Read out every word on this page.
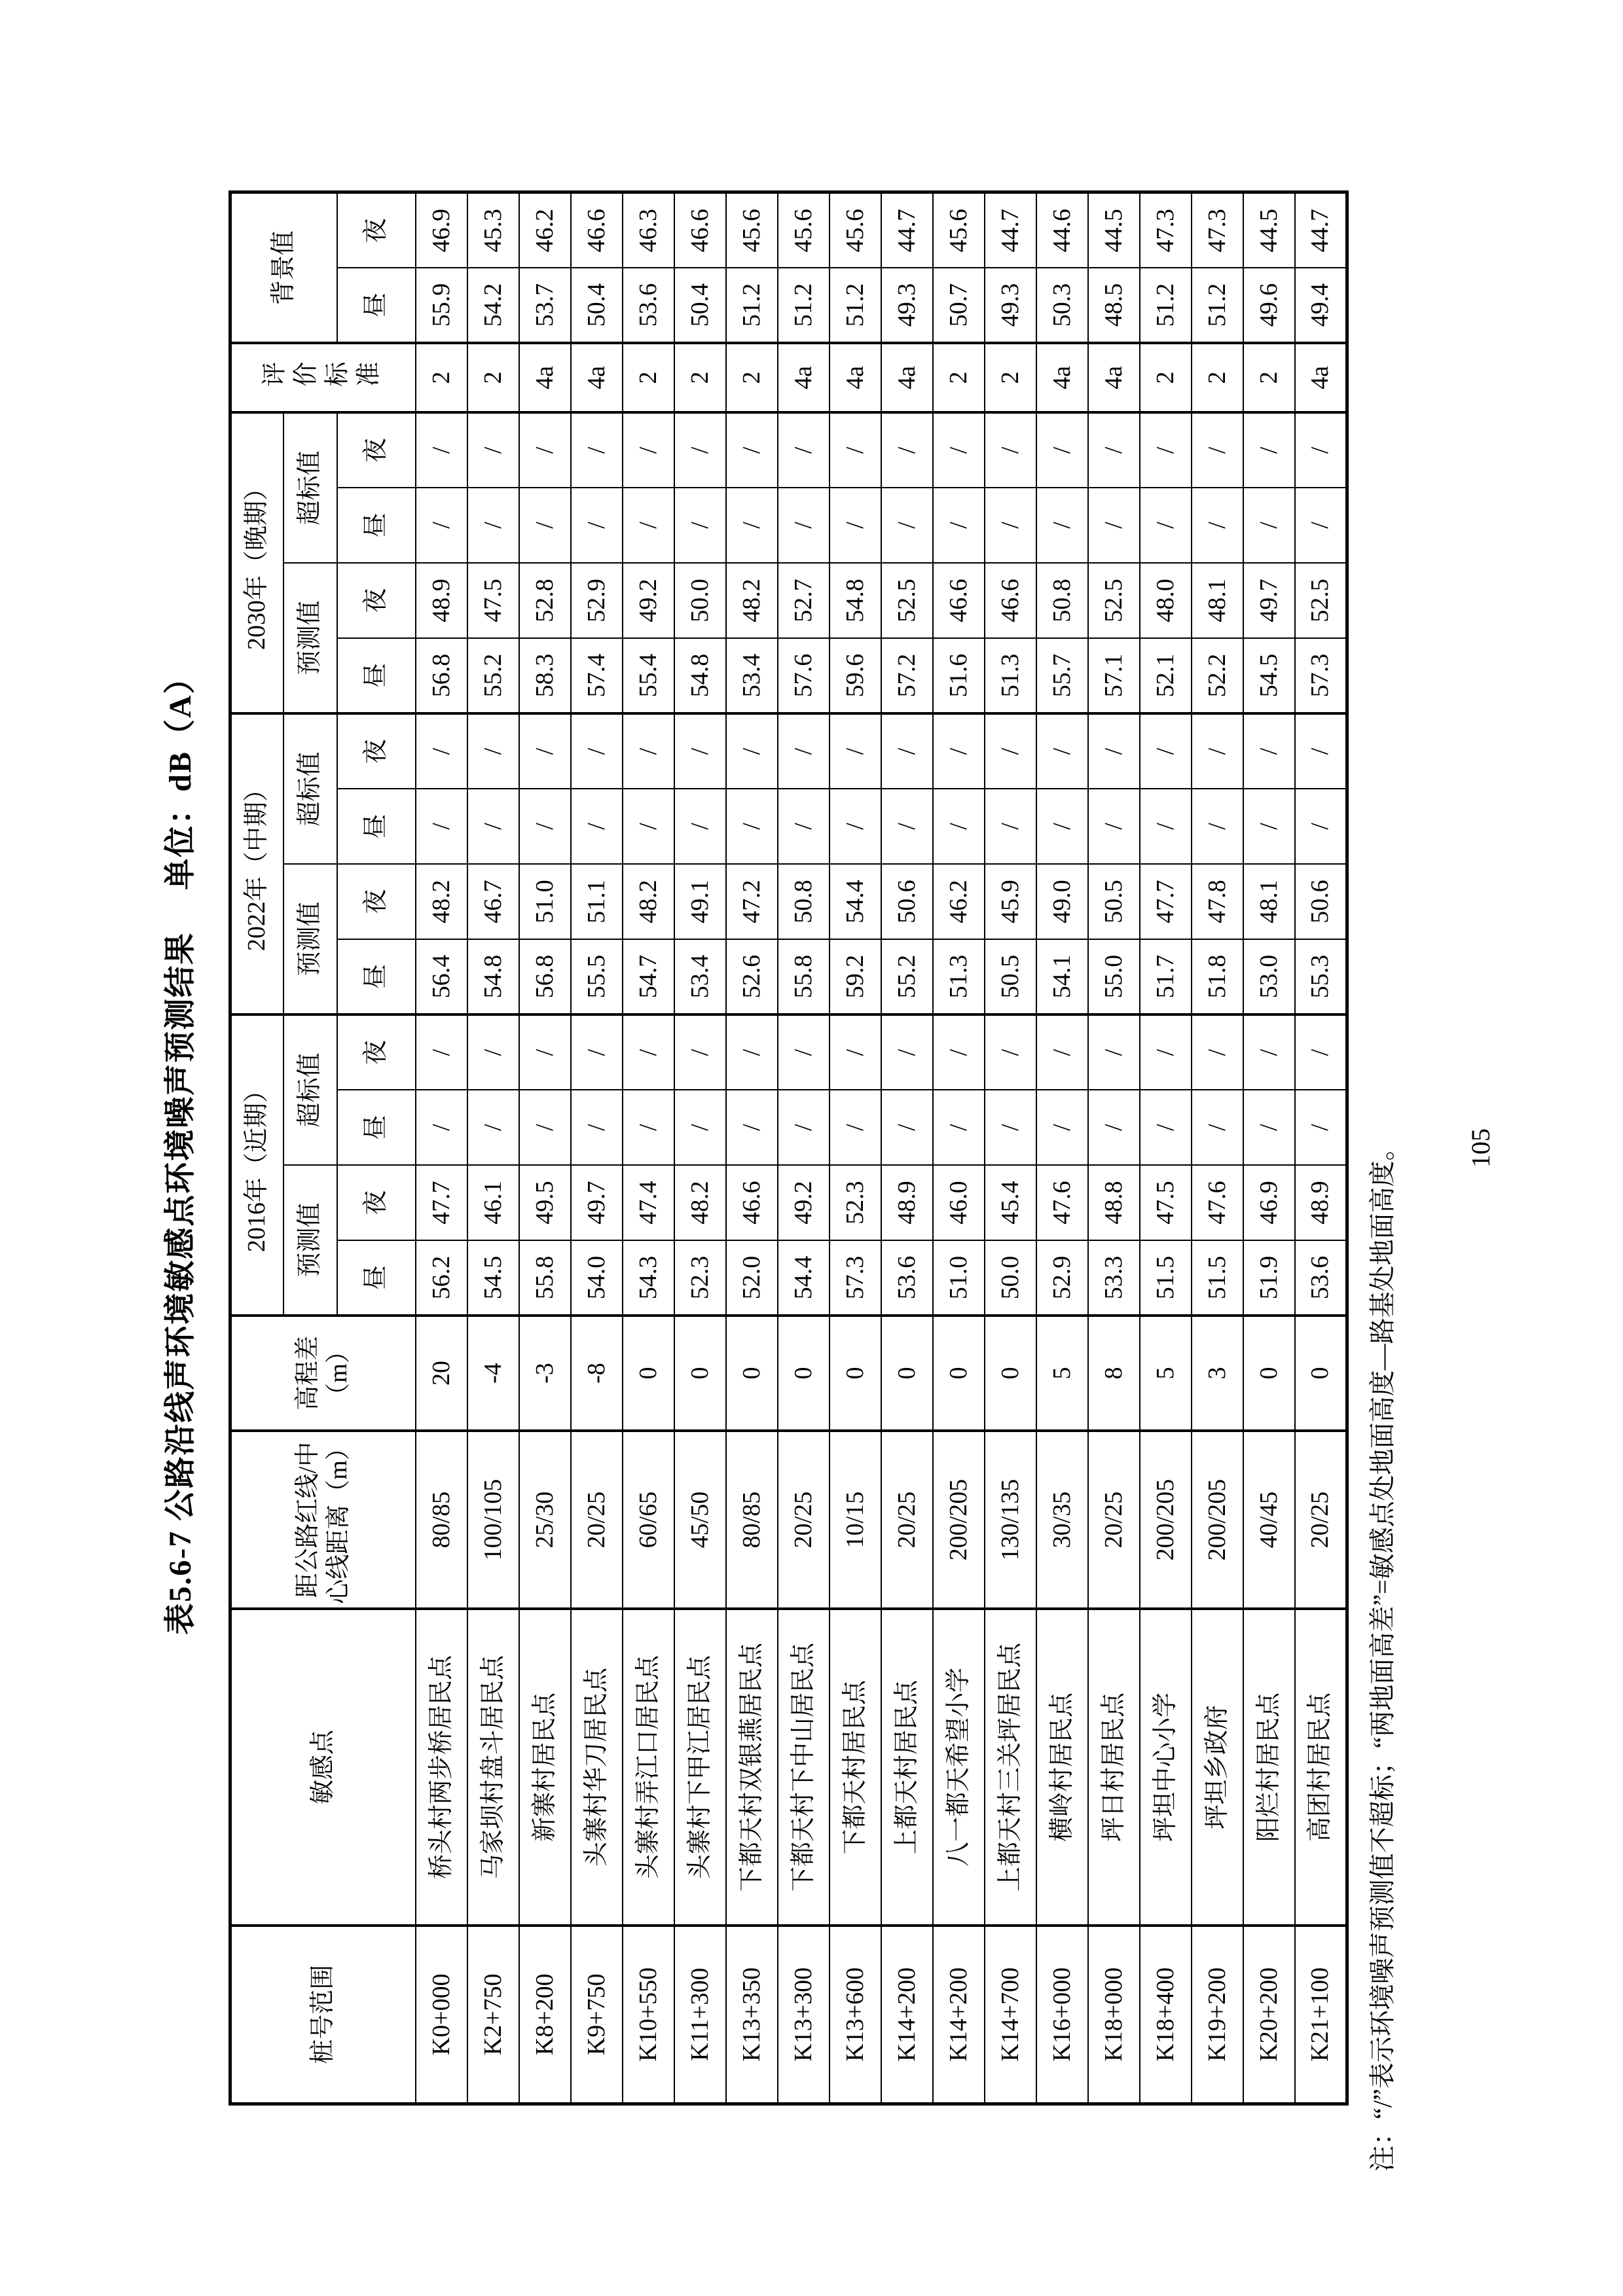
表5.6-7 公路沿线声环境敏感点环境噪声预测结果单位：dB（A）
桩号范围	敏感点	距公路红线/中心线距离（m）	高程差（m）	2016年（近期）				2022年（中期）				2030年（晚期）				评价标准	背景值	
				预测值		超标值		预测值		超标值		预测值		超标值				
				昼	夜	昼	夜	昼	夜	昼	夜	昼	夜	昼	夜		昼	夜
K0+000	桥头村两步桥居民点	80/85	20	56.2	47.7	/	/	56.4	48.2	/	/	56.8	48.9	/	/	2	55.9	46.9
K2+750	马家坝村盘斗居民点	100/105	-4	54.5	46.1	/	/	54.8	46.7	/	/	55.2	47.5	/	/	2	54.2	45.3
K8+200	新寨村居民点	25/30	-3	55.8	49.5	/	/	56.8	51.0	/	/	58.3	52.8	/	/	4a	53.7	46.2
K9+750	头寨村华刀居民点	20/25	-8	54.0	49.7	/	/	55.5	51.1	/	/	57.4	52.9	/	/	4a	50.4	46.6
K10+550	头寨村弄江口居民点	60/65	0	54.3	47.4	/	/	54.7	48.2	/	/	55.4	49.2	/	/	2	53.6	46.3
K11+300	头寨村下甲江居民点	45/50	0	52.3	48.2	/	/	53.4	49.1	/	/	54.8	50.0	/	/	2	50.4	46.6
K13+350	下都天村双银燕居民点	80/85	0	52.0	46.6	/	/	52.6	47.2	/	/	53.4	48.2	/	/	2	51.2	45.6
K13+300	下都天村下中山居民点	20/25	0	54.4	49.2	/	/	55.8	50.8	/	/	57.6	52.7	/	/	4a	51.2	45.6
K13+600	下都天村居民点	10/15	0	57.3	52.3	/	/	59.2	54.4	/	/	59.6	54.8	/	/	4a	51.2	45.6
K14+200	上都天村居民点	20/25	0	53.6	48.9	/	/	55.2	50.6	/	/	57.2	52.5	/	/	4a	49.3	44.7
K14+200	八一都天希望小学	200/205	0	51.0	46.0	/	/	51.3	46.2	/	/	51.6	46.6	/	/	2	50.7	45.6
K14+700	上都天村三关坪居民点	130/135	0	50.0	45.4	/	/	50.5	45.9	/	/	51.3	46.6	/	/	2	49.3	44.7
K16+000	横岭村居民点	30/35	5	52.9	47.6	/	/	54.1	49.0	/	/	55.7	50.8	/	/	4a	50.3	44.6
K18+000	坪日村居民点	20/25	8	53.3	48.8	/	/	55.0	50.5	/	/	57.1	52.5	/	/	4a	48.5	44.5
K18+400	坪坦中心小学	200/205	5	51.5	47.5	/	/	51.7	47.7	/	/	52.1	48.0	/	/	2	51.2	47.3
K19+200	坪坦乡政府	200/205	3	51.5	47.6	/	/	51.8	47.8	/	/	52.2	48.1	/	/	2	51.2	47.3
K20+200	阳烂村居民点	40/45	0	51.9	46.9	/	/	53.0	48.1	/	/	54.5	49.7	/	/	2	49.6	44.5
K21+100	高团村居民点	20/25	0	53.6	48.9	/	/	55.3	50.6	/	/	57.3	52.5	/	/	4a	49.4	44.7
注：“/”表示环境噪声预测值不超标；“两地面高差”=敏感点处地面高度—路基处地面高度。	105
